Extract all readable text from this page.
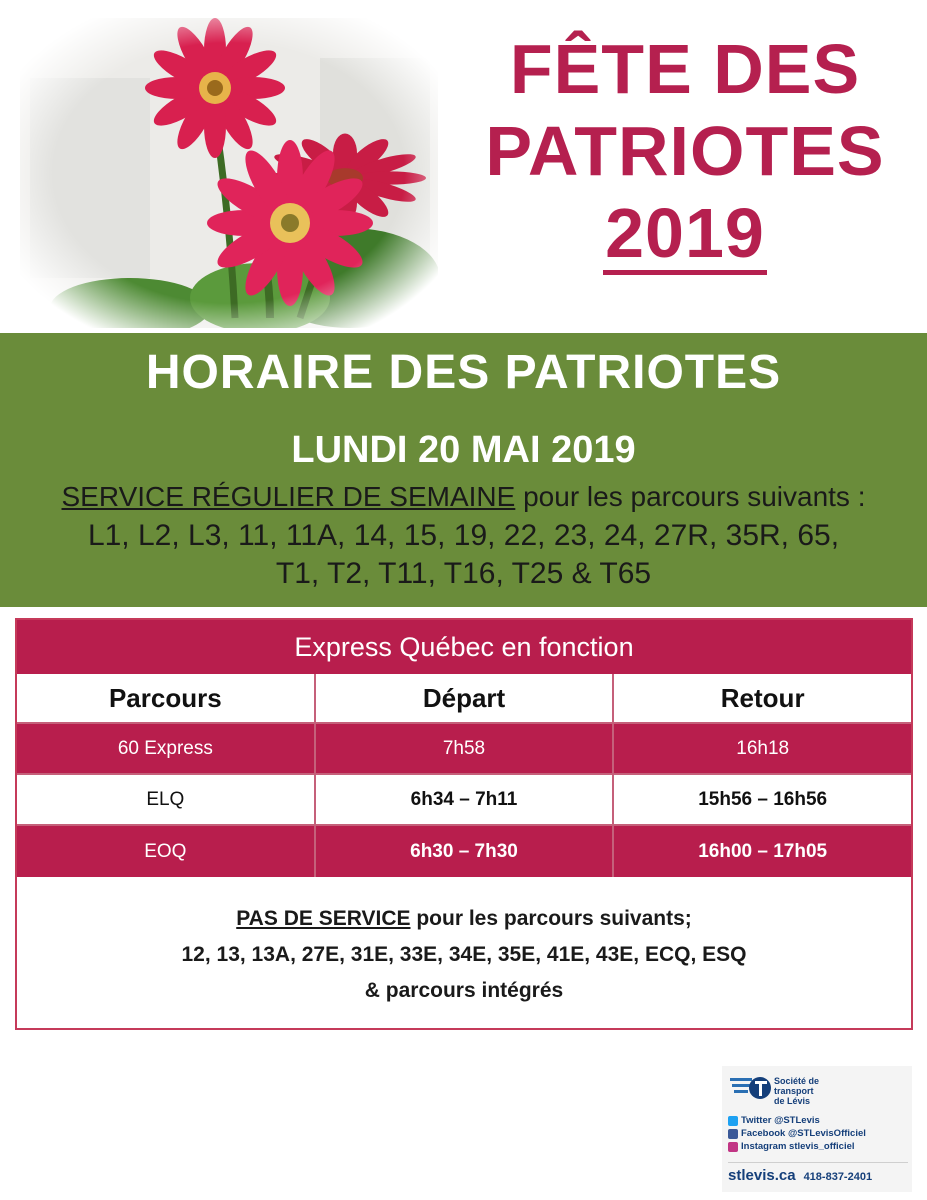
FÊTE DES
PATRIOTES
2019
HORAIRE DES PATRIOTES
LUNDI 20 MAI 2019
SERVICE RÉGULIER DE SEMAINE pour les parcours suivants :
L1, L2, L3, 11, 11A, 14, 15, 19, 22, 23, 24, 27R, 35R, 65,
T1, T2, T11, T16, T25 & T65
Express Québec en fonction
Parcours	Départ	Retour
60 Express	7h58	16h18
ELQ	6h34 – 7h11	15h56 – 16h56
EOQ	6h30 – 7h30	16h00 – 17h05
PAS DE SERVICE pour les parcours suivants;
12, 13, 13A, 27E, 31E, 33E, 34E, 35E, 41E, 43E, ECQ, ESQ
& parcours intégrés
Société de
transport
de Lévis
Twitter @STLevis
Facebook @STLevisOfficiel
Instagram stlevis_officiel
stlevis.ca 418-837-2401
